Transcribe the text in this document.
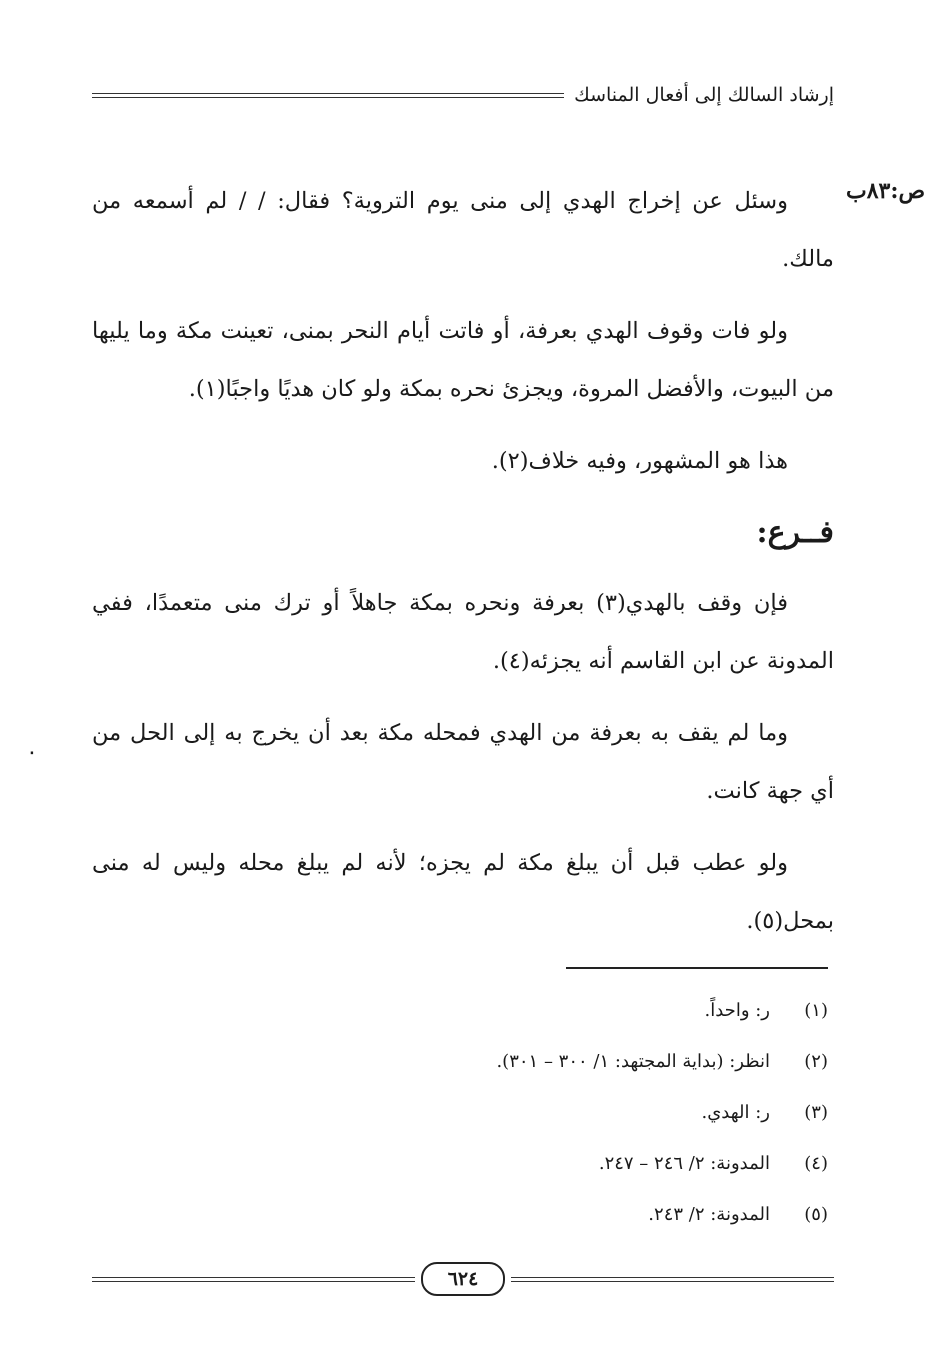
إرشاد السالك إلى أفعال المناسك
ص:٨٣ب
٠

وسئل عن إخراج الهدي إلى منى يوم التروية؟ فقال: / / لم أسمعه من مالك.

ولو فات وقوف الهدي بعرفة، أو فاتت أيام النحر بمنى، تعينت مكة وما يليها من البيوت، والأفضل المروة، ويجزئ نحره بمكة ولو كان هديًا واجبًا(١).

هذا هو المشهور، وفيه خلاف(٢).

فــرع:

فإن وقف بالهدي(٣) بعرفة ونحره بمكة جاهلاً أو ترك منى متعمدًا، ففي المدونة عن ابن القاسم أنه يجزئه(٤).

وما لم يقف به بعرفة من الهدي فمحله مكة بعد أن يخرج به إلى الحل من أي جهة كانت.

ولو عطب قبل أن يبلغ مكة لم يجزه؛ لأنه لم يبلغ محله وليس له منى بمحل(٥).

(١)ر: واحداً.
(٢)انظر: (بداية المجتهد: ١/ ٣٠٠ – ٣٠١).
(٣)ر: الهدي.
(٤)المدونة: ٢/ ٢٤٦ – ٢٤٧.
(٥)المدونة: ٢/ ٢٤٣.
٦٢٤
